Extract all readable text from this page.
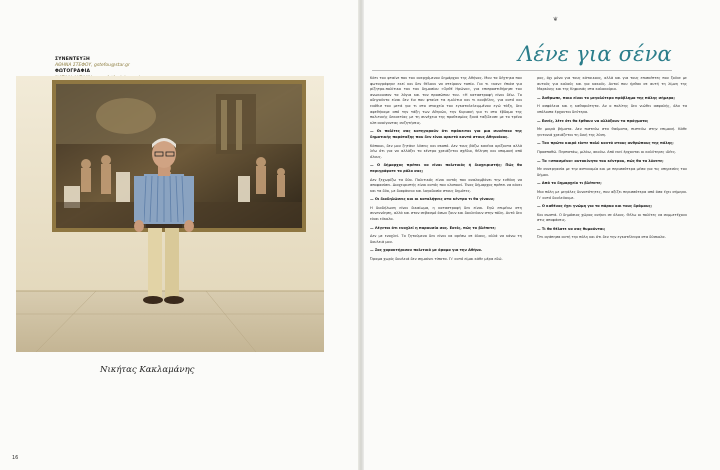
ΣΥΝΕΝΤΕΥΞΗ
ΑΘΗΝΑ ΣΤΕΦΟΥ, gstefou@star.gr
ΦΩΤΟΓΡΑΦΙΑ
Νικήτας Κακλαμάνης
16
❦
Λένε για σένα

Κάτι του φταίνε που του ανερχόμενου δημάρχου της Αθήνας. Μου τα δέχτηκα που φωτογράφηκε εκεί και δεν θέλουν να στείρουν τοπίο. Για τι «καν» έπιάσ για ρίζητρο-πολίτικο του του δημοσίου «Ορθέ Ηρώνα», για επιπροστιθήρησε του ανωκοινσον τα λόγια και τον προσώπου του. «Η καταστροφή είναι δέω. Το οδηγούντο είναι δεν έιν που φταίνε τα εμιλίτια και τι κουβέλες, για αυτό και ενόθισ του μετά για τι στο στοιχείο του εγκαταλελειμμένου εγώ τάξη, δεν αφεθήκαμε από την τάξη των Αθηνών, την Κυριακή για τι στο έβδομο της πολιτικής δεκαετίας με τη συνέχεια της προθεσμίας ξανά ταξίδευσε με το τρένο κλπ ανοίγοντας συζητήσεις.

— Οι πολίτες σας κατηγορούν ότι πρόκειται για μια συνέπεια της δημοτικής παράταξης που δεν είναι αρκετά κοντά στους Αθηναίους.

Κάποιοι, δεν μου ζητάνε λύσεις και σκοπό. Δεν τους βάζω κανένα ορίζοντα αλλά λέω ότι για να αλλάξει το κέντρο χρειάζεται σχέδιο, θέληση και υπομονή από όλους.

— Ο δήμαρχος πρέπει να είναι πολιτικός ή διαχειριστής; Πώς θα περιγράφατε το ρόλο σας;

Δεν ξεχωρίζω τα δύο. Πολιτικός είναι αυτός που αναλαμβάνει την ευθύνη να αποφασίσει. Διαχειριστής είναι αυτός που υλοποιεί. Ένας δήμαρχος πρέπει να κάνει και τα δύο, με διαφάνεια και λογοδοσία στους δημότες.

— Οι διαδηλώσεις και οι καταλήψεις στο κέντρο τι θα γίνουν;

Η διαδήλωση είναι δικαίωμα, η καταστροφή δεν είναι. Εγώ επιμένω στη συνεννόηση, αλλά και στον σεβασμό όσων ζουν και δουλεύουν στην πόλη. Αυτό δεν είναι εύκολο.

— Λέγεται ότι ενοχλεί η παρουσία σας. Εσείς, πώς το βλέπετε;

Δεν με ενοχλεί. Το ζητούμενο δεν είναι να αρέσω σε όλους, αλλά να κάνω τη δουλειά μου.

— Σας χαρακτήρισαν πολιτικό με όραμα για την Αθήνα.

Όραμα χωρίς δουλειά δεν σημαίνει τίποτα. Γι' αυτό είμαι κάθε μέρα εδώ.

ρος, όχι μόνο για τους κάτοικους, αλλά και για τους επισκέπτες που ζούνε με αυτούς για καλούς και για κακούς. Αυτοί που ήρθαν σε αυτή τη λίμνη της Μαρκίνης και της Κηφισιάς στα καλοκαίρια.

— Άνθρωπε, ποιο είναι το μεγαλύτερο πρόβλημα της πόλης σήμερα;

Η ασφάλεια και η καθαριότητα. Αν ο πολίτης δεν νιώθει ασφαλής, όλα τα υπόλοιπα έρχονται δεύτερα.

— Εσείς, λέτε ότι θα έρθουν να αλλάξουν τα πράγματα;

Με μικρά βήματα. Δεν πιστεύω στα θαύματα, πιστεύω στην επιμονή. Κάθε γειτονιά χρειάζεται τη δική της λύση.

— Τον πρώτο καιρό είστε πολύ κοντά στους ανθρώπους της πόλης;

Προσπαθώ. Περπατάω, μιλάω, ακούω. Από εκεί έρχονται οι καλύτερες ιδέες.

— Τα «σπασμένα» αυτοκίνητα του κέντρου, πώς θα τα λύσετε;

Με συνεργασία με την αστυνομία και με περισσότερα μέσα για τις υπηρεσίες του δήμου.

— Από το δημαρχείο τι βλέπετε;

Μια πόλη με μεγάλες δυνατότητες, που αξίζει περισσότερα από όσα έχει σήμερα. Γι' αυτό δουλεύουμε.

— Ο καθένας έχει γνώμη για τα πάρκα και τους δρόμους;

Και σωστά. Ο δημόσιος χώρος ανήκει σε όλους. Θέλω οι πολίτες να συμμετέχουν στις αποφάσεις.

— Τι θα θέλατε να σας θυμούνται;

Ότι αγάπησα αυτή την πόλη και ότι δεν την εγκατέλειψα στα δύσκολα.
